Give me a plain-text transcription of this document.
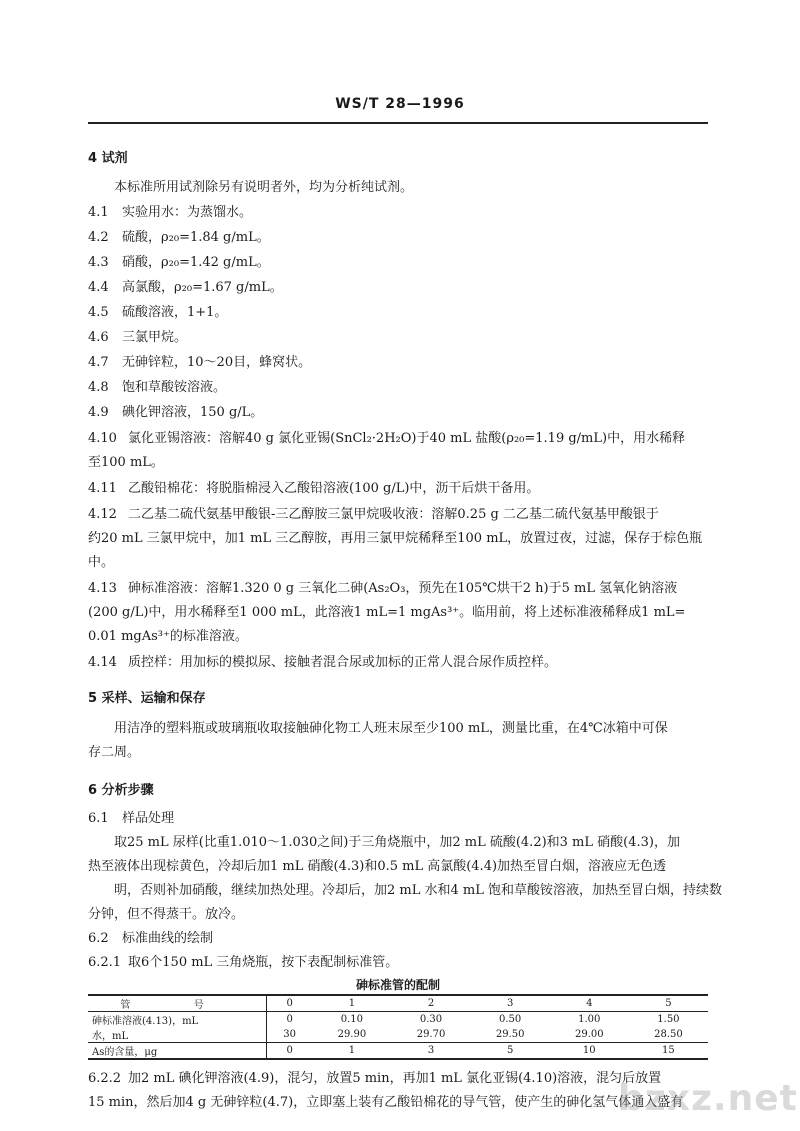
WS/T 28—1996
4 试剂
本标准所用试剂除另有说明者外，均为分析纯试剂。
4.1 实验用水：为蒸馏水。
4.2 硫酸，ρ₂₀=1.84 g/mL。
4.3 硝酸，ρ₂₀=1.42 g/mL。
4.4 高氯酸，ρ₂₀=1.67 g/mL。
4.5 硫酸溶液，1+1。
4.6 三氯甲烷。
4.7 无砷锌粒，10～20目，蜂窝状。
4.8 饱和草酸铵溶液。
4.9 碘化钾溶液，150 g/L。
4.10 氯化亚锡溶液：溶解40 g 氯化亚锡(SnCl₂·2H₂O)于40 mL 盐酸(ρ₂₀=1.19 g/mL)中，用水稀释
至100 mL。
4.11 乙酸铅棉花：将脱脂棉浸入乙酸铅溶液(100 g/L)中，沥干后烘干备用。
4.12 二乙基二硫代氨基甲酸银-三乙醇胺三氯甲烷吸收液：溶解0.25 g 二乙基二硫代氨基甲酸银于
约20 mL 三氯甲烷中，加1 mL 三乙醇胺，再用三氯甲烷稀释至100 mL，放置过夜，过滤，保存于棕色瓶
中。
4.13 砷标准溶液：溶解1.320 0 g 三氧化二砷(As₂O₃，预先在105℃烘干2 h)于5 mL 氢氧化钠溶液
(200 g/L)中，用水稀释至1 000 mL，此溶液1 mL=1 mgAs³⁺。临用前，将上述标准液稀释成1 mL=
0.01 mgAs³⁺的标准溶液。
4.14 质控样：用加标的模拟尿、接触者混合尿或加标的正常人混合尿作质控样。
5 采样、运输和保存
用洁净的塑料瓶或玻璃瓶收取接触砷化物工人班末尿至少100 mL，测量比重，在4℃冰箱中可保
存二周。
6 分析步骤
6.1 样品处理
取25 mL 尿样(比重1.010～1.030之间)于三角烧瓶中，加2 mL 硫酸(4.2)和3 mL 硝酸(4.3)，加
热至液体出现棕黄色，冷却后加1 mL 硝酸(4.3)和0.5 mL 高氯酸(4.4)加热至冒白烟，溶液应无色透
砷标准管的配制
管 号	0	1	2	3	4	5
砷标准溶液(4.13)，mL	0	0.10	0.30	0.50	1.00	1.50
水，mL	30	29.90	29.70	29.50	29.00	28.50
As的含量，μg	0	1	3	5	10	15
明，否则补加硝酸，继续加热处理。冷却后，加2 mL 水和4 mL 饱和草酸铵溶液，加热至冒白烟，持续数
分钟，但不得蒸干。放冷。
6.2 标准曲线的绘制
6.2.1 取6个150 mL 三角烧瓶，按下表配制标准管。
6.2.2 加2 mL 碘化钾溶液(4.9)，混匀，放置5 min，再加1 mL 氯化亚锡(4.10)溶液，混匀后放置
15 min，然后加4 g 无砷锌粒(4.7)，立即塞上装有乙酸铅棉花的导气管，使产生的砷化氢气体通入盛有
bzxz.net
